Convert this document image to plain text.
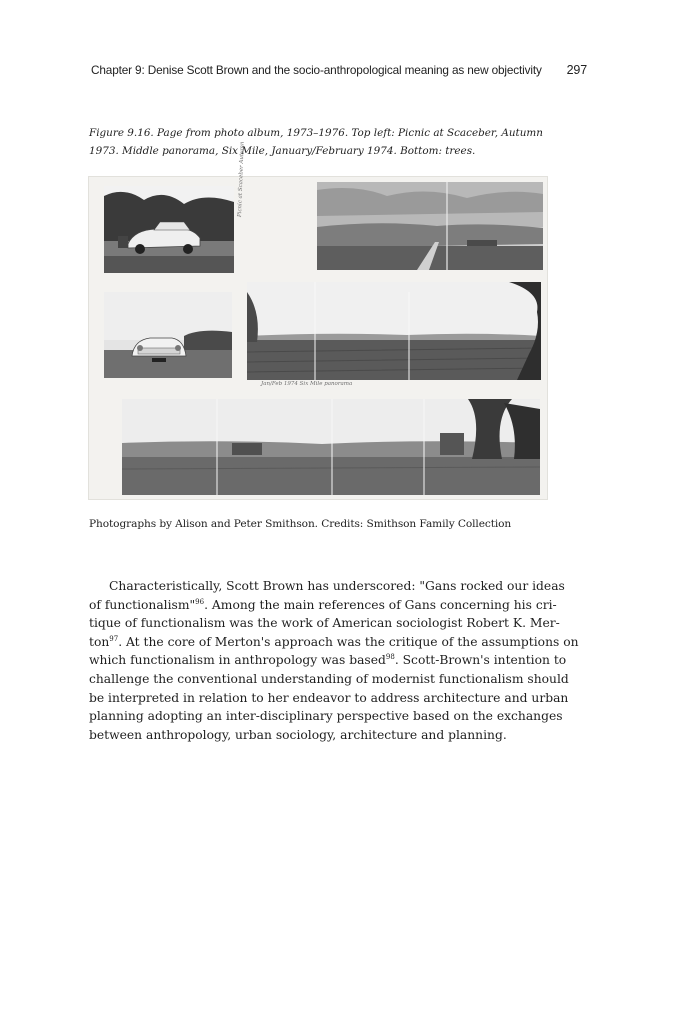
Chapter 9: Denise Scott Brown and the socio-anthropological meaning as new objectivity 297
Figure 9.16. Page from photo album, 1973–1976. Top left: Picnic at Scaceber, Autumn
1973. Middle panorama, Six Mile, January/February 1974. Bottom: trees.
Picnic at Scaceber Autumn
Jan/Feb 1974 Six Mile panorama
Photographs by Alison and Peter Smithson. Credits: Smithson Family Collection
Characteristically, Scott Brown has underscored: "Gans rocked our ideas
of functionalism"$^{96}$. Among the main references of Gans concerning his cri-
tique of functionalism was the work of American sociologist Robert K. Mer-
ton$^{97}$. At the core of Merton's approach was the critique of the assumptions on
which functionalism in anthropology was based$^{98}$. Scott-Brown's intention to
challenge the conventional understanding of modernist functionalism should
be interpreted in relation to her endeavor to address architecture and urban
planning adopting an inter-disciplinary perspective based on the exchanges
between anthropology, urban sociology, architecture and planning.
